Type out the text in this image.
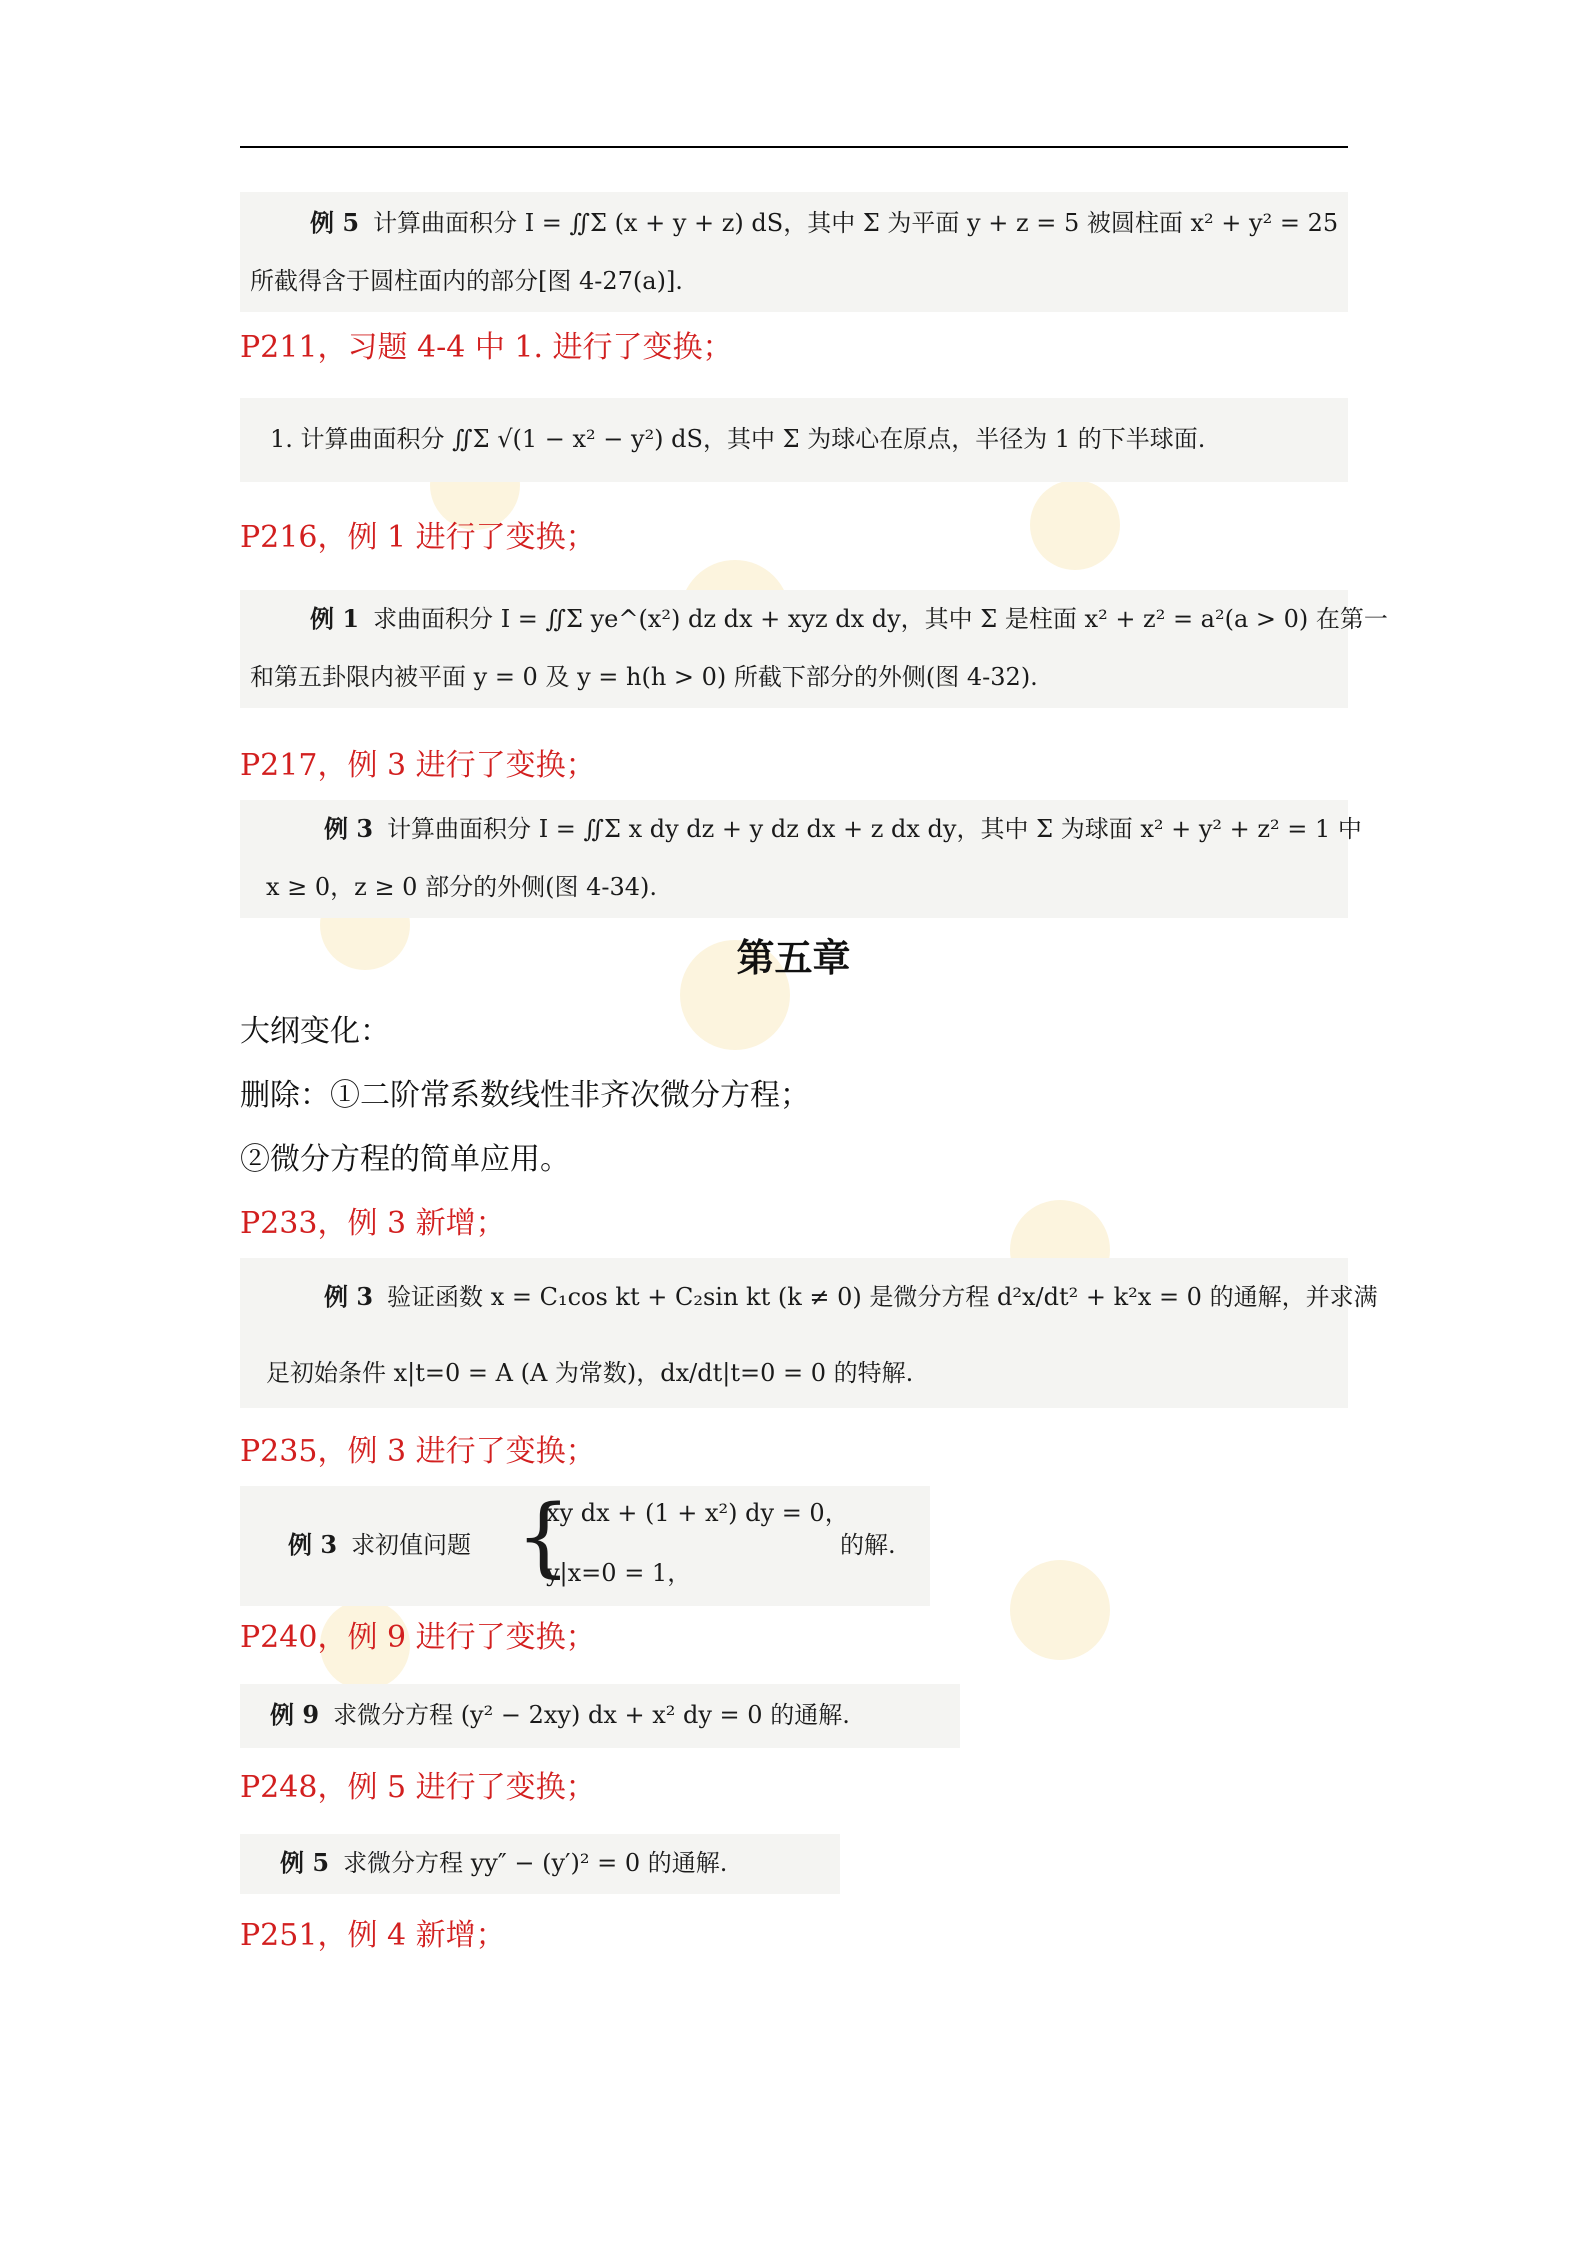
例 5 计算曲面积分 I = ∬Σ (x + y + z) dS，其中 Σ 为平面 y + z = 5 被圆柱面 x² + y² = 25
所截得含于圆柱面内的部分[图 4-27(a)].
P211，习题 4-4 中 1. 进行了变换；
1. 计算曲面积分 ∬Σ √(1 − x² − y²) dS，其中 Σ 为球心在原点，半径为 1 的下半球面.
P216，例 1 进行了变换；
例 1 求曲面积分 I = ∬Σ ye^(x²) dz dx + xyz dx dy，其中 Σ 是柱面 x² + z² = a²(a > 0) 在第一
和第五卦限内被平面 y = 0 及 y = h(h > 0) 所截下部分的外侧(图 4-32).
P217，例 3 进行了变换；
例 3 计算曲面积分 I = ∬Σ x dy dz + y dz dx + z dx dy，其中 Σ 为球面 x² + y² + z² = 1 中
x ≥ 0，z ≥ 0 部分的外侧(图 4-34).
第五章
大纲变化：
删除：①二阶常系数线性非齐次微分方程；
②微分方程的简单应用。
P233，例 3 新增；
例 3 验证函数 x = C₁cos kt + C₂sin kt (k ≠ 0) 是微分方程 d²x/dt² + k²x = 0 的通解，并求满
足初始条件 x|t=0 = A (A 为常数)，dx/dt|t=0 = 0 的特解.
P235，例 3 进行了变换；
例 3 求初值问题 {
xy dx + (1 + x²) dy = 0，
y|x=0 = 1，
的解.
P240，例 9 进行了变换；
例 9 求微分方程 (y² − 2xy) dx + x² dy = 0 的通解.
P248，例 5 进行了变换；
例 5 求微分方程 yy″ − (y′)² = 0 的通解.
P251，例 4 新增；
